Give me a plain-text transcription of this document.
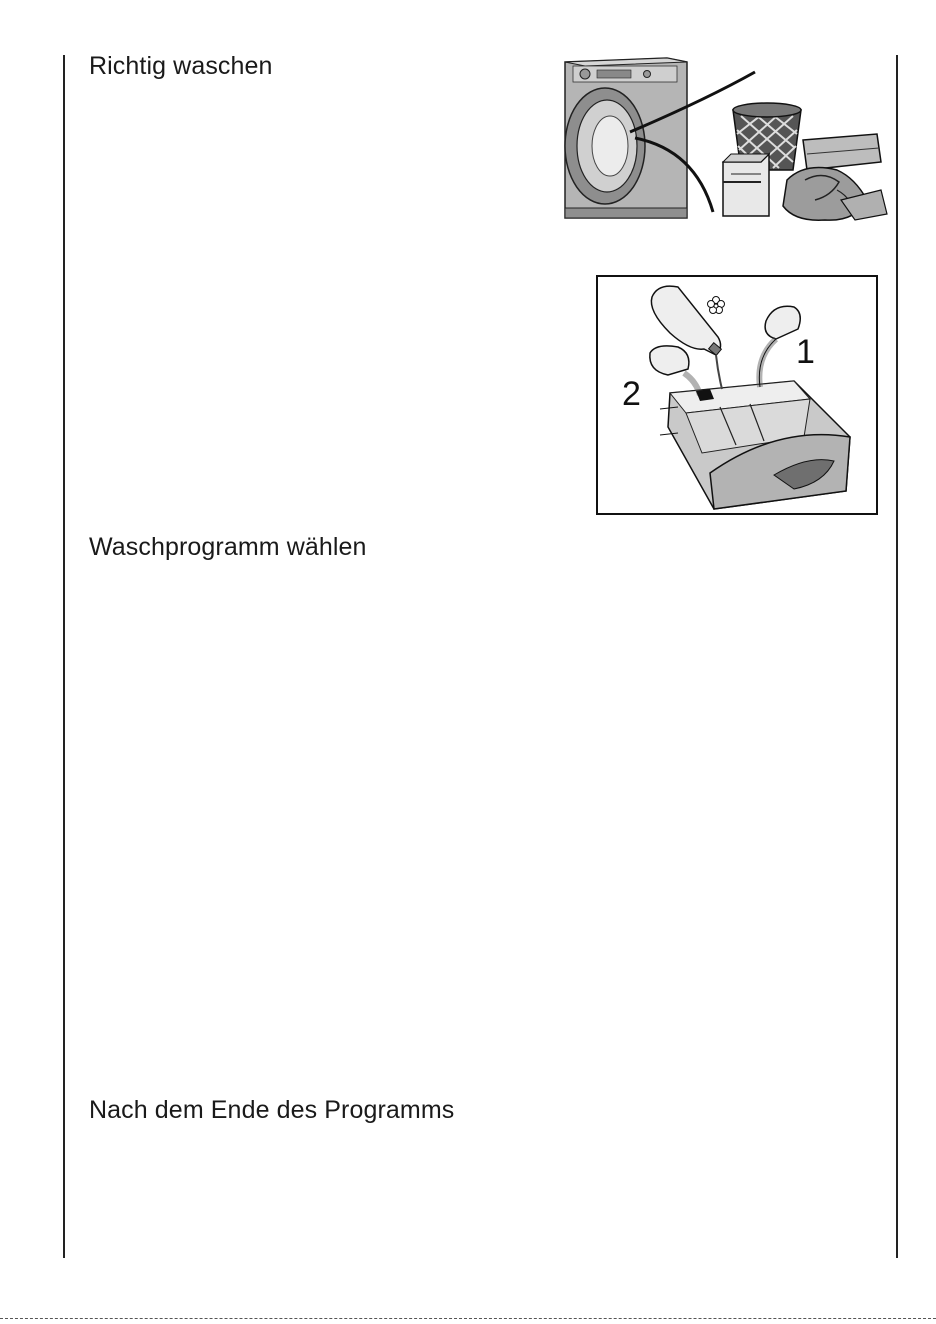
Richtig waschen
Waschprogramm wählen
Nach dem Ende des Programms
1
2
